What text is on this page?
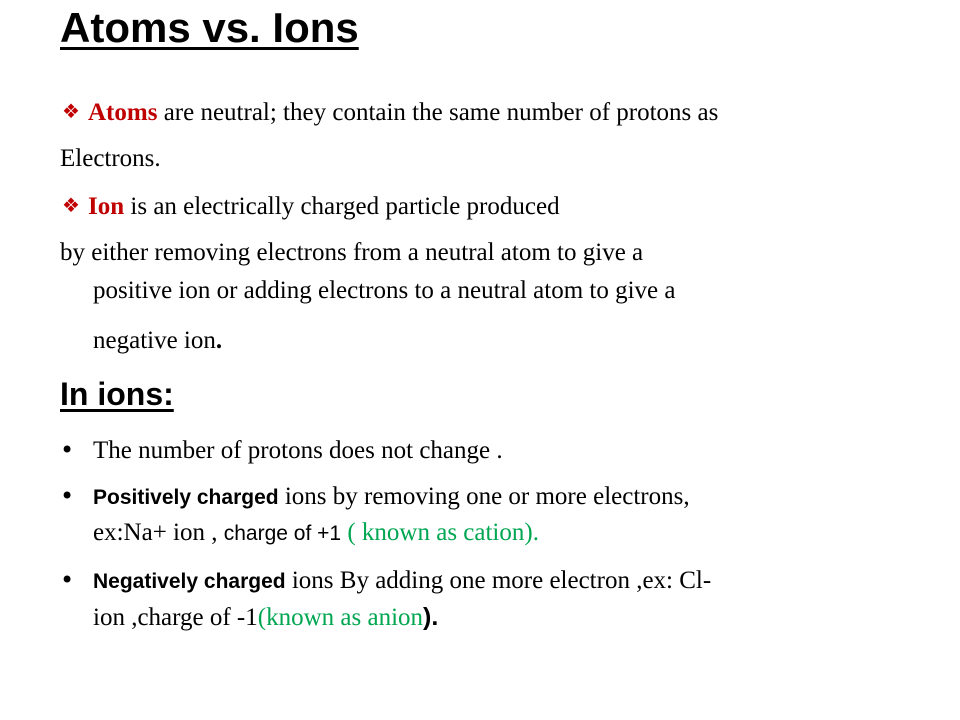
Atoms vs. Ions
❖ Atoms are neutral; they contain the same number of protons as
Electrons.
❖ Ion is an electrically charged particle produced
by either removing electrons from a neutral atom to give a
positive ion or adding electrons to a neutral atom to give a
negative ion.
In ions:
• The number of protons does not change .
• Positively charged ions by removing one or more electrons,
ex:Na+ ion , charge of +1 ( known as cation).
• Negatively charged ions By adding one more electron ,ex: Cl-
ion ,charge of -1(known as anion).
